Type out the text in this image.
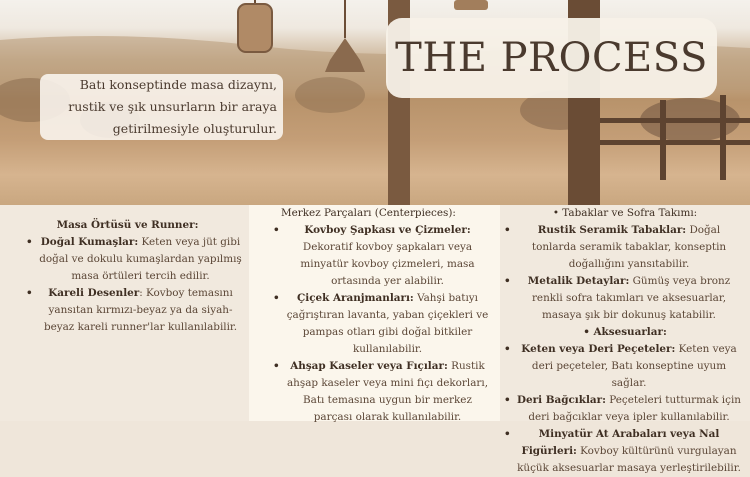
Batı konseptinde masa dizaynı, rustik ve şık unsurların bir araya getirilmesiyle oluşturulur.
THE PROCESS
Masa Örtüsü ve Runner:
• Doğal Kumaşlar: Keten veya jüt gibi doğal ve dokulu kumaşlardan yapılmış masa örtüleri tercih edilir.
• Kareli Desenler: Kovboy temasını yansıtan kırmızı-beyaz ya da siyah-beyaz kareli runner'lar kullanılabilir.
Merkez Parçaları (Centerpieces):
• Kovboy Şapkası ve Çizmeler: Dekoratif kovboy şapkaları veya minyatür kovboy çizmeleri, masa ortasında yer alabilir.
• Çiçek Aranjmanları: Vahşi batıyı çağrıştıran lavanta, yaban çiçekleri ve pampas otları gibi doğal bitkiler kullanılabilir.
• Ahşap Kaseler veya Fıçılar: Rustik ahşap kaseler veya mini fıçı dekorları, Batı temasına uygun bir merkez parçası olarak kullanılabilir.
• Tabaklar ve Sofra Takımı:
•	Rustik Seramik Tabaklar: Doğal tonlarda seramik tabaklar, konseptin doğallığını yansıtabilir.
• Metalik Detaylar: Gümüş veya bronz renkli sofra takımları ve aksesuarlar, masaya şık bir dokunuş katabilir.
• Aksesuarlar:
• Keten veya Deri Peçeteler: Keten veya deri peçeteler, Batı konseptine uyum sağlar.
• Deri Bağcıklar: Peçeteleri tutturmak için deri bağcıklar veya ipler kullanılabilir.
•	Minyatür At Arabaları veya Nal Figürleri: Kovboy kültürünü vurgulayan küçük aksesuarlar masaya yerleştirilebilir.
